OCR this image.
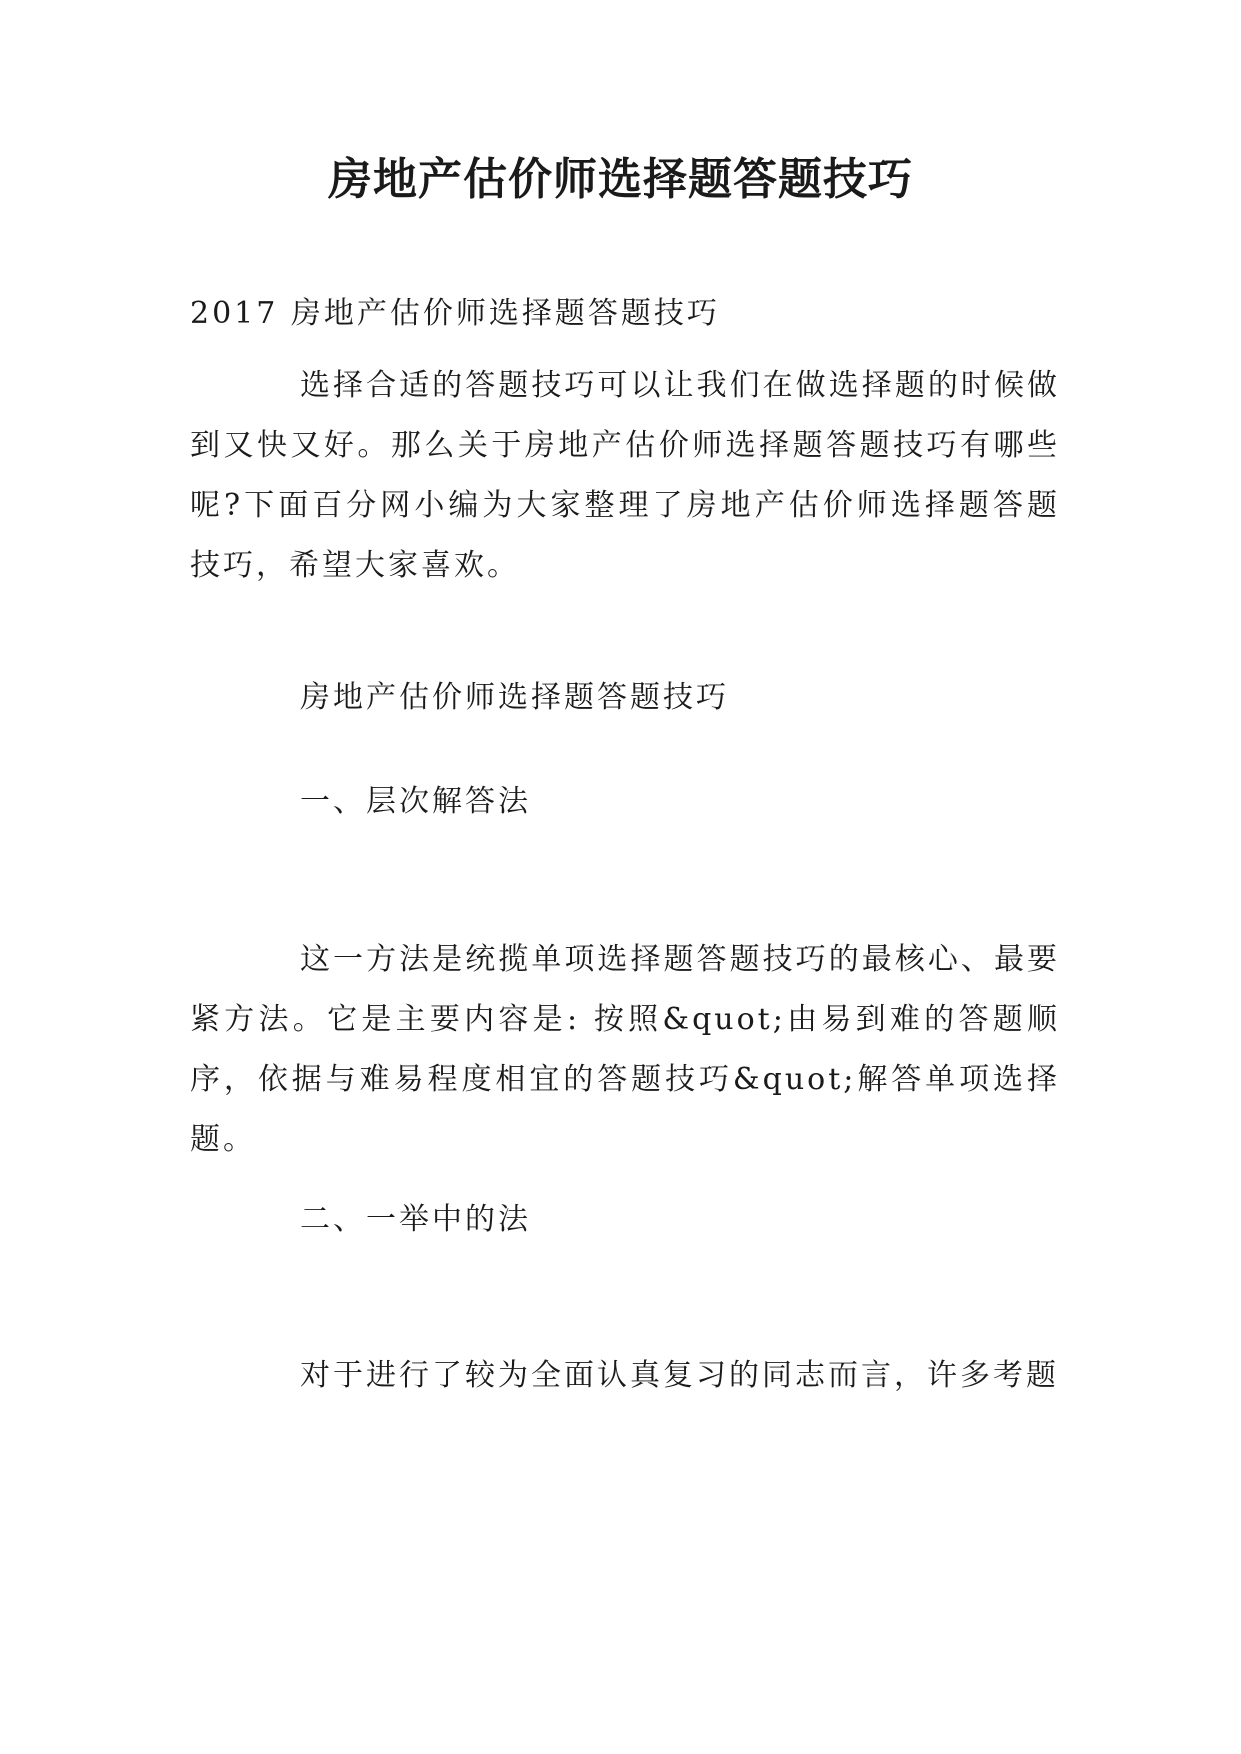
房地产估价师选择题答题技巧
2017 房地产估价师选择题答题技巧
选择合适的答题技巧可以让我们在做选择题的时候做到又快又好。那么关于房地产估价师选择题答题技巧有哪些呢?下面百分网小编为大家整理了房地产估价师选择题答题技巧，希望大家喜欢。
房地产估价师选择题答题技巧
一、层次解答法
这一方法是统揽单项选择题答题技巧的最核心、最要紧方法。它是主要内容是: 按照&quot;由易到难的答题顺序，依据与难易程度相宜的答题技巧&quot;解答单项选择题。
二、一举中的法
对于进行了较为全面认真复习的同志而言，许多考题
